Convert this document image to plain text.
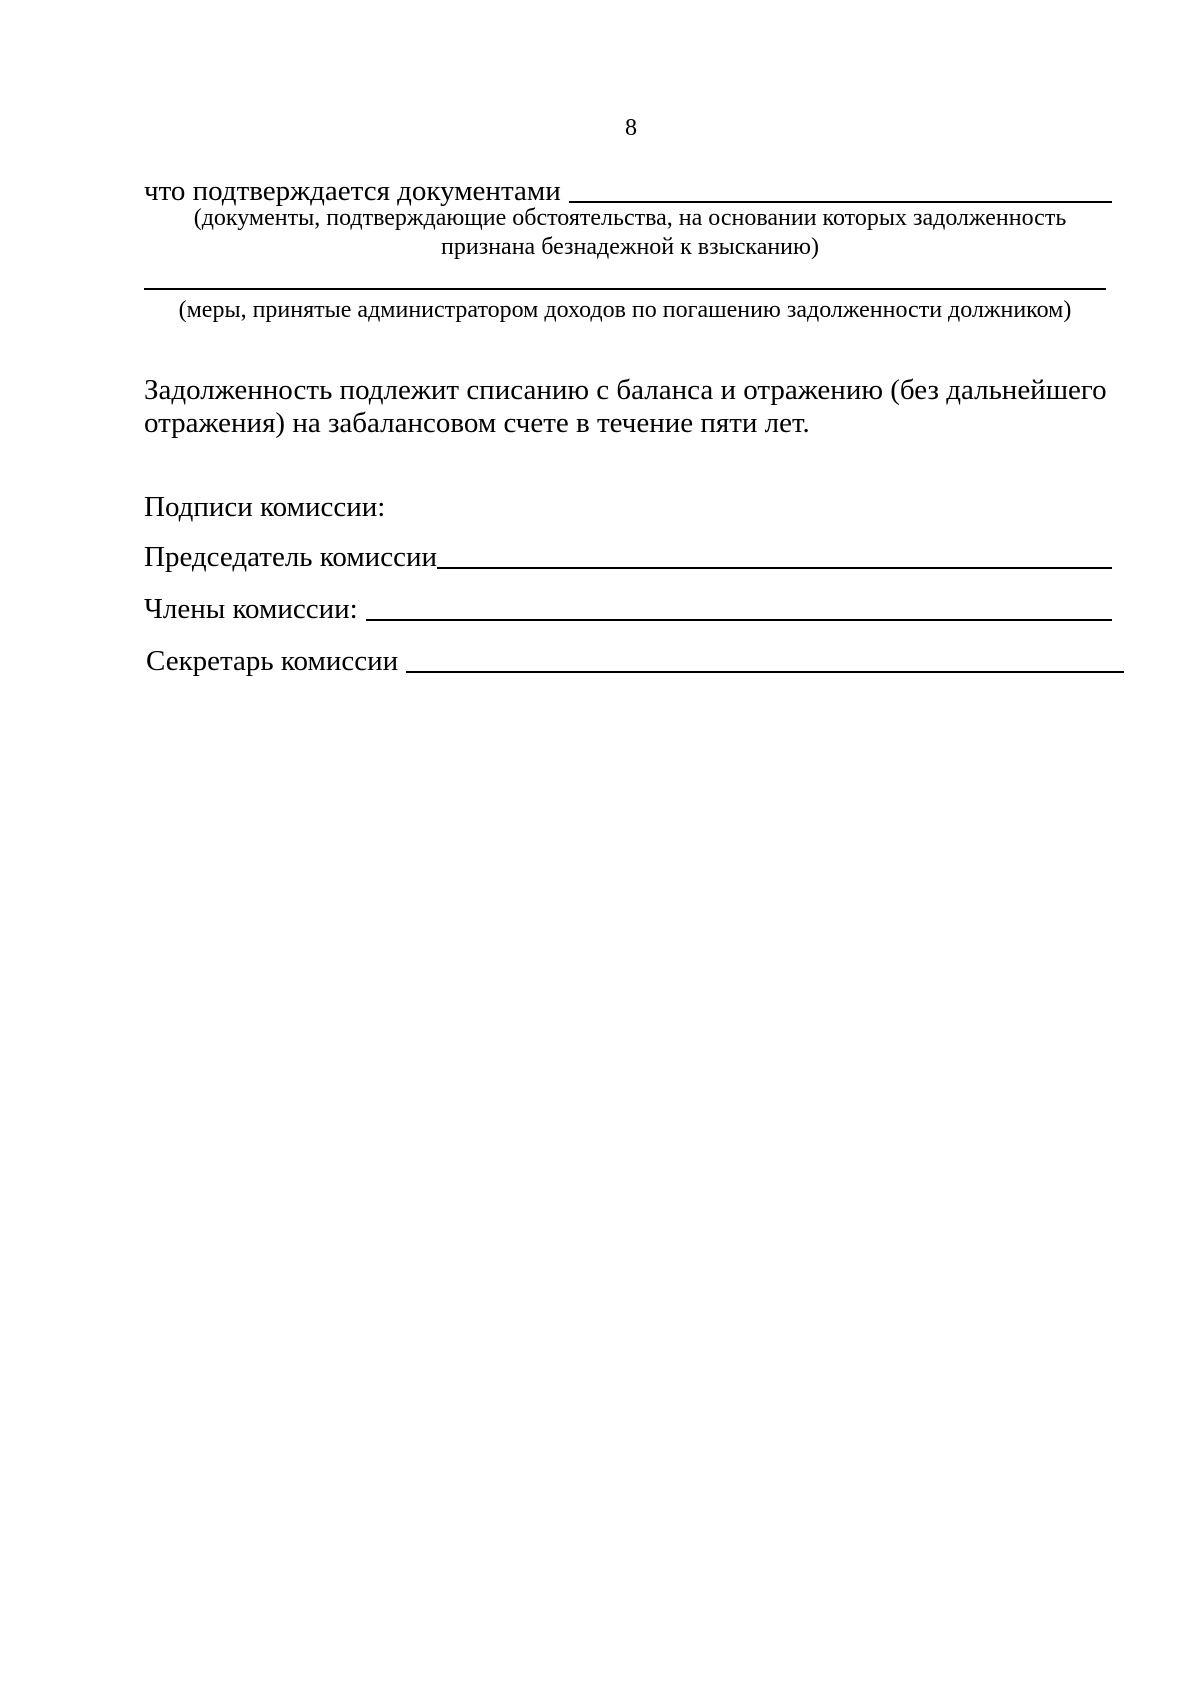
8
что подтверждается документами
(документы, подтверждающие обстоятельства, на основании которых задолженность признана безнадежной к взысканию)
(меры, принятые администратором доходов по погашению задолженности должником)
Задолженность подлежит списанию с баланса и отражению (без дальнейшего отражения) на забалансовом счете в течение пяти лет.
Подписи комиссии:
Председатель комиссии
Члены комиссии:
Секретарь комиссии
